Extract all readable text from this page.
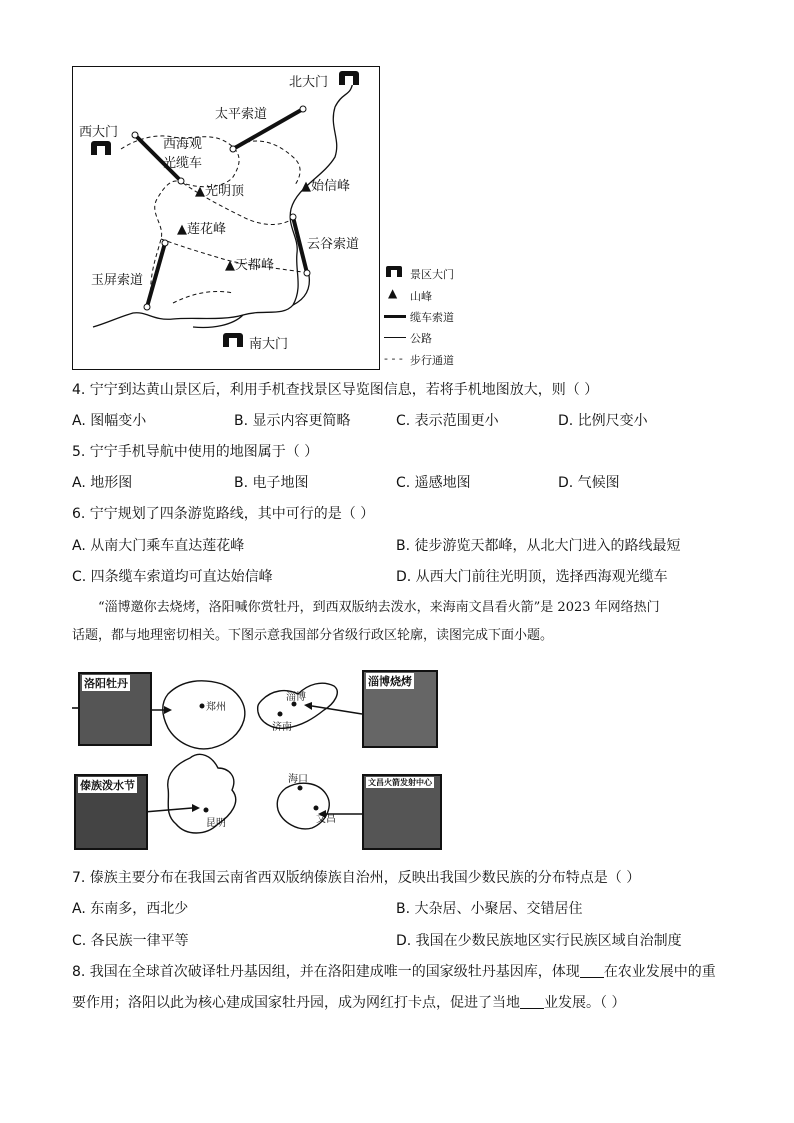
▲光明顶	▲始信峰
▲莲花峰
▲天都峰
北大门
太平索道
西大门
西海观
光缆车
云谷索道
玉屏索道
南大门
景区大门
▲ 山峰
缆车索道
公路
- - - 步行通道
4. 宁宁到达黄山景区后，利用手机查找景区导览图信息，若将手机地图放大，则（ ）
A. 图幅变小	B. 显示内容更简略	C. 表示范围更小	D. 比例尺变小
5. 宁宁手机导航中使用的地图属于（ ）
A. 地形图	B. 电子地图	C. 遥感地图	D. 气候图
6. 宁宁规划了四条游览路线，其中可行的是（ ）
A. 从南大门乘车直达莲花峰	B. 徒步游览天都峰，从北大门进入的路线最短
C. 四条缆车索道均可直达始信峰	D. 从西大门前往光明顶，选择西海观光缆车
“淄博邀你去烧烤，洛阳喊你赏牡丹，到西双版纳去泼水，来海南文昌看火箭”是 2023 年网络热门
话题，都与地理密切相关。下图示意我国部分省级行政区轮廓，读图完成下面小题。
郑州
淄博
济南
昆明
海口
文昌
洛阳牡丹	淄博烧烤
傣族泼水节	文昌火箭发射中心
7. 傣族主要分布在我国云南省西双版纳傣族自治州，反映出我国少数民族的分布特点是（ ）
A. 东南多，西北少	B. 大杂居、小聚居、交错居住
C. 各民族一律平等	D. 我国在少数民族地区实行民族区域自治制度
8. 我国在全球首次破译牡丹基因组，并在洛阳建成唯一的国家级牡丹基因库，体现 在农业发展中的重
要作用；洛阳以此为核心建成国家牡丹园，成为网红打卡点，促进了当地 业发展。（ ）
